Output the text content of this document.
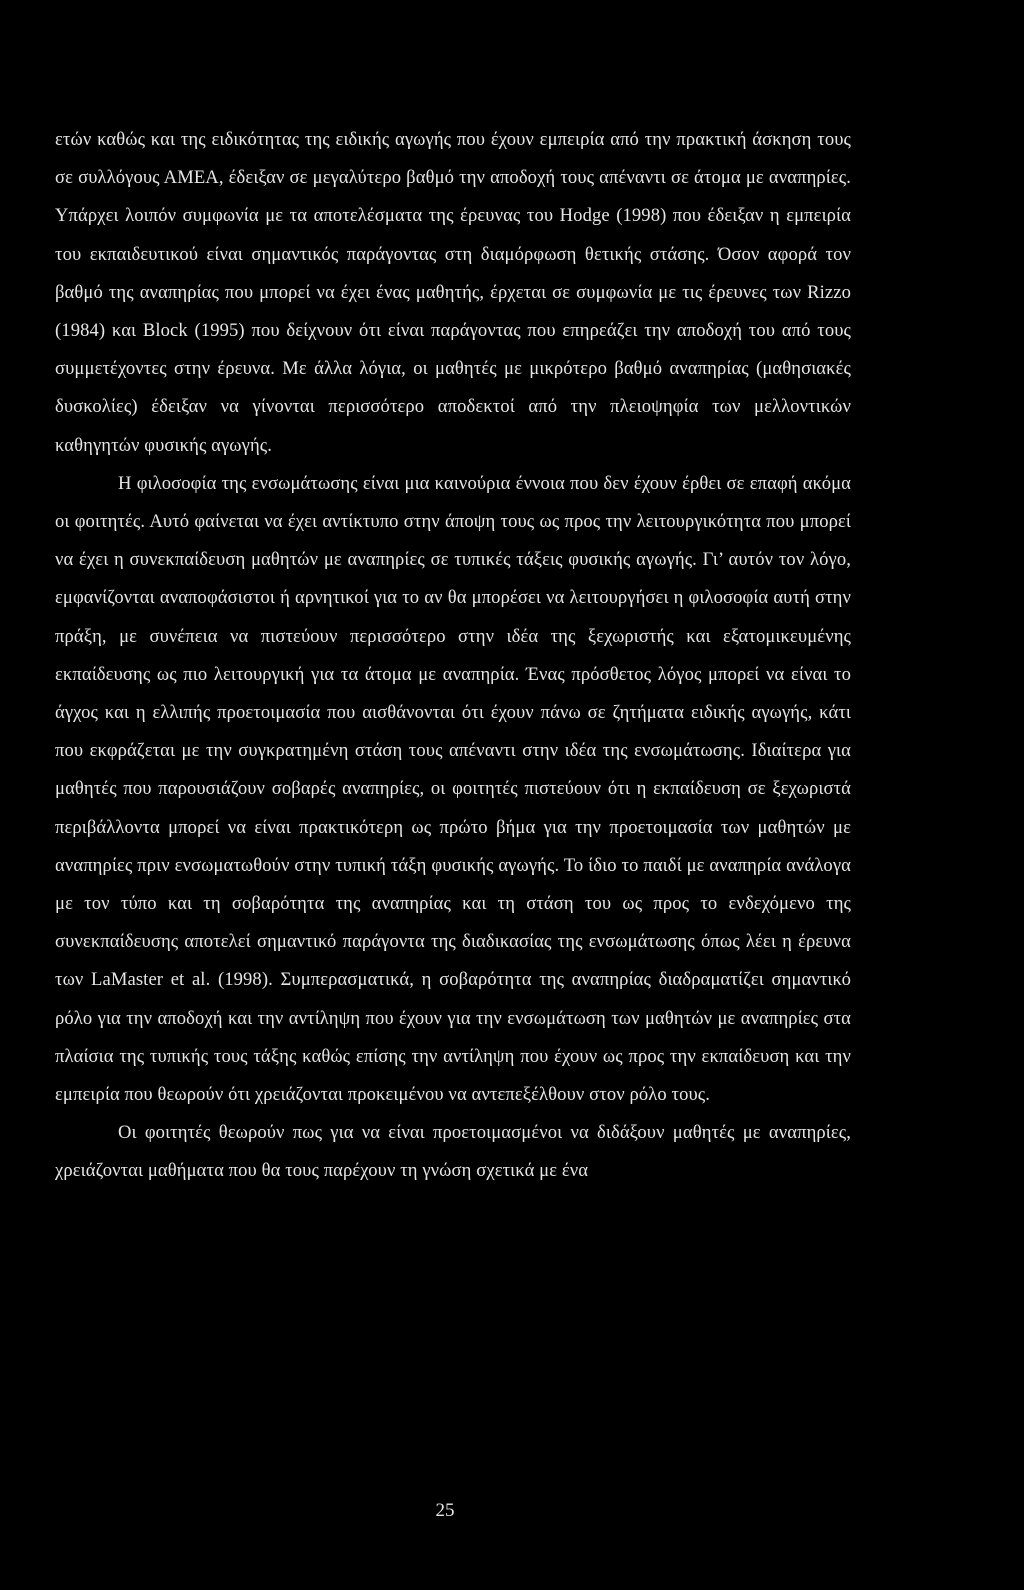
ετών καθώς και της ειδικότητας της ειδικής αγωγής που έχουν εμπειρία από την πρακτική άσκηση τους σε συλλόγους ΑΜΕΑ, έδειξαν σε μεγαλύτερο βαθμό την αποδοχή τους απέναντι σε άτομα με αναπηρίες. Υπάρχει λοιπόν συμφωνία με τα αποτελέσματα της έρευνας του Hodge (1998) που έδειξαν η εμπειρία του εκπαιδευτικού είναι σημαντικός παράγοντας στη διαμόρφωση θετικής στάσης. Όσον αφορά τον βαθμό της αναπηρίας που μπορεί να έχει ένας μαθητής, έρχεται σε συμφωνία με τις έρευνες των Rizzo (1984) και Block (1995) που δείχνουν ότι είναι παράγοντας που επηρεάζει την αποδοχή του από τους συμμετέχοντες στην έρευνα. Με άλλα λόγια, οι μαθητές με μικρότερο βαθμό αναπηρίας (μαθησιακές δυσκολίες) έδειξαν να γίνονται περισσότερο αποδεκτοί από την πλειοψηφία των μελλοντικών καθηγητών φυσικής αγωγής.

Η φιλοσοφία της ενσωμάτωσης είναι μια καινούρια έννοια που δεν έχουν έρθει σε επαφή ακόμα οι φοιτητές. Αυτό φαίνεται να έχει αντίκτυπο στην άποψη τους ως προς την λειτουργικότητα που μπορεί να έχει η συνεκπαίδευση μαθητών με αναπηρίες σε τυπικές τάξεις φυσικής αγωγής. Γι’ αυτόν τον λόγο, εμφανίζονται αναποφάσιστοι ή αρνητικοί για το αν θα μπορέσει να λειτουργήσει η φιλοσοφία αυτή στην πράξη, με συνέπεια να πιστεύουν περισσότερο στην ιδέα της ξεχωριστής και εξατομικευμένης εκπαίδευσης ως πιο λειτουργική για τα άτομα με αναπηρία. Ένας πρόσθετος λόγος μπορεί να είναι το άγχος και η ελλιπής προετοιμασία που αισθάνονται ότι έχουν πάνω σε ζητήματα ειδικής αγωγής, κάτι που εκφράζεται με την συγκρατημένη στάση τους απέναντι στην ιδέα της ενσωμάτωσης. Ιδιαίτερα για μαθητές που παρουσιάζουν σοβαρές αναπηρίες, οι φοιτητές πιστεύουν ότι η εκπαίδευση σε ξεχωριστά περιβάλλοντα μπορεί να είναι πρακτικότερη ως πρώτο βήμα για την προετοιμασία των μαθητών με αναπηρίες πριν ενσωματωθούν στην τυπική τάξη φυσικής αγωγής. Το ίδιο το παιδί με αναπηρία ανάλογα με τον τύπο και τη σοβαρότητα της αναπηρίας και τη στάση του ως προς το ενδεχόμενο της συνεκπαίδευσης αποτελεί σημαντικό παράγοντα της διαδικασίας της ενσωμάτωσης όπως λέει η έρευνα των LaMaster et al. (1998). Συμπερασματικά, η σοβαρότητα της αναπηρίας διαδραματίζει σημαντικό ρόλο για την αποδοχή και την αντίληψη που έχουν για την ενσωμάτωση των μαθητών με αναπηρίες στα πλαίσια της τυπικής τους τάξης καθώς επίσης την αντίληψη που έχουν ως προς την εκπαίδευση και την εμπειρία που θεωρούν ότι χρειάζονται προκειμένου να αντεπεξέλθουν στον ρόλο τους.

Οι φοιτητές θεωρούν πως για να είναι προετοιμασμένοι να διδάξουν μαθητές με αναπηρίες, χρειάζονται μαθήματα που θα τους παρέχουν τη γνώση σχετικά με ένα

25
